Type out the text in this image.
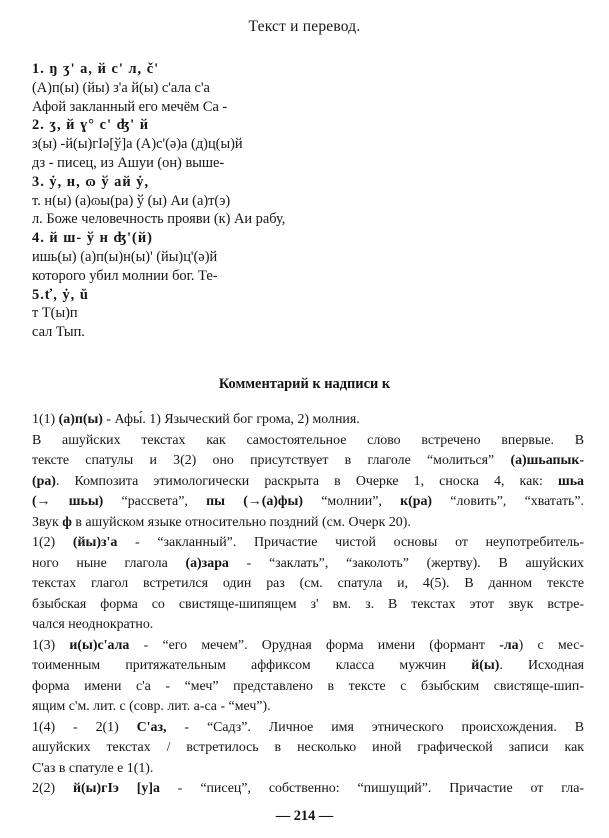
Текст и перевод.
1. ŋ ʒ' a, й c' л, č'
(А)п(ы) (йы) з'а й(ы) с'ала с'а
Афой закланный его мечём Са -
2. ʒ, й ɣ° c' ʤ' й
з(ы) -й(ы)гIə[ў]а (А)с'(ә)а (д)ц(ы)й
дз - писец, из Ашуи (он) выше-
3. ẏ, н, ɷ ў ай ẏ,
т. н(ы) (а)ɷы(ра) ў (ы) Аи (а)т(э)
л. Боже человечность прояви (к) Аи рабу,
4. й ш- ў н ʤ'(й)
ишь(ы) (а)п(ы)н(ы)' (йы)ц'(ә)й
которого убил молнии бог. Те-
5.ť, ẏ, ŭ
т Т(ы)п
сал Тып.
Комментарий к надписи к
1(1) (а)п(ы) - Афы́. 1) Языческий бог грома, 2) молния.
В ашуйских текстах как самостоятельное слово встречено впервые. В
тексте спатулы и 3(2) оно присутствует в глаголе “молиться” (а)шьапык-
(ра). Композита этимологически раскрыта в Очерке 1, сноска 4, как: шьа
(→ шьы) “рассвета”, пы (→(а)фы) “молнии”, к(ра) “ловить”, “хватать”.
Звук ф в ашуйском языке относительно поздний (см. Очерк 20).
1(2) (йы)з'а - “закланный”. Причастие чистой основы от неупотребитель-
ного ныне глагола (а)зара - “заклать”, “заколоть” (жертву). В ашуйских
текстах глагол встретился один раз (см. спатула и, 4(5). В данном тексте
бзыбская форма со свистяще-шипящем з' вм. з. В текстах этот звук встре-
чался неоднократно.
1(3) и(ы)с'ала - “его мечем”. Орудная форма имени (формант -ла) с мес-
тоименным притяжательным аффиксом класса мужчин й(ы). Исходная
форма имени с'а - “меч” представлено в тексте с бзыбским свистяще-шип-
ящим с'м. лит. с (совр. лит. а-са - “меч”).
1(4) - 2(1) С'аз, - “Садз”. Личное имя этнического происхождения. В
ашуйских текстах / встретилось в несколько иной графической записи как
С'аз в спатуле е 1(1).
2(2) й(ы)гIэ [у]а - “писец”, собственно: “пишущий”. Причастие от гла-
— 214 —
